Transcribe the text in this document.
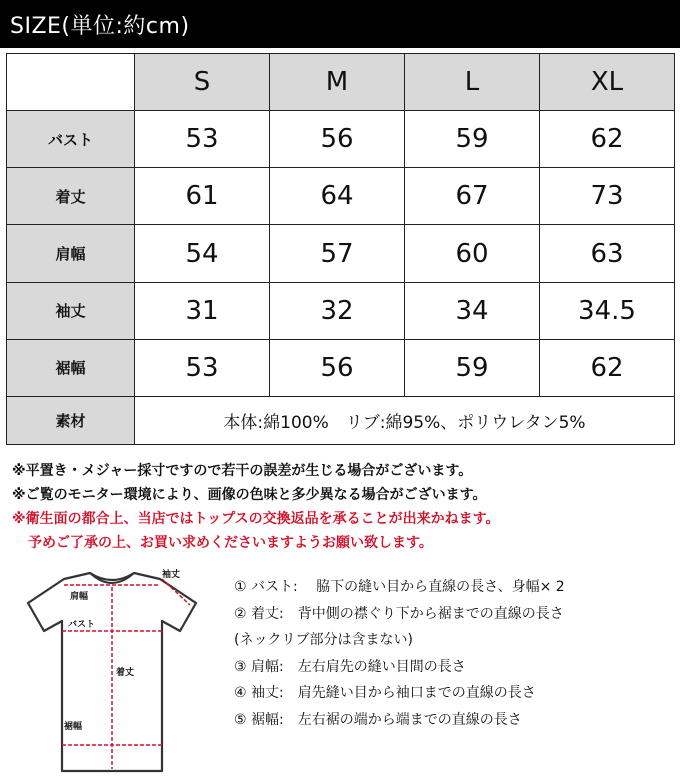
SIZE(単位:約cm)
	S	M	L	XL
バスト	53	56	59	62
着丈	61	64	67	73
肩幅	54	57	60	63
袖丈	31	32	34	34.5
裾幅	53	56	59	62
素材	本体:綿100%　リブ:綿95%、ポリウレタン5%			

※平置き・メジャー採寸ですので若干の誤差が生じる場合がございます。

※ご覧のモニター環境により、画像の色味と多少異なる場合がございます。

※衛生面の都合上、当店ではトップスの交換返品を承ることが出来かねます。

予めご了承の上、お買い求めくださいますようお願い致します。

袖丈
肩幅
バスト
着丈
裾幅

① バスト:　 脇下の縫い目から直線の長さ、身幅× 2

② 着丈:　背中側の襟ぐり下から裾までの直線の長さ

(ネックリブ部分は含まない)

③ 肩幅:　左右肩先の縫い目間の長さ

④ 袖丈:　肩先縫い目から袖口までの直線の長さ

⑤ 裾幅:　左右裾の端から端までの直線の長さ
